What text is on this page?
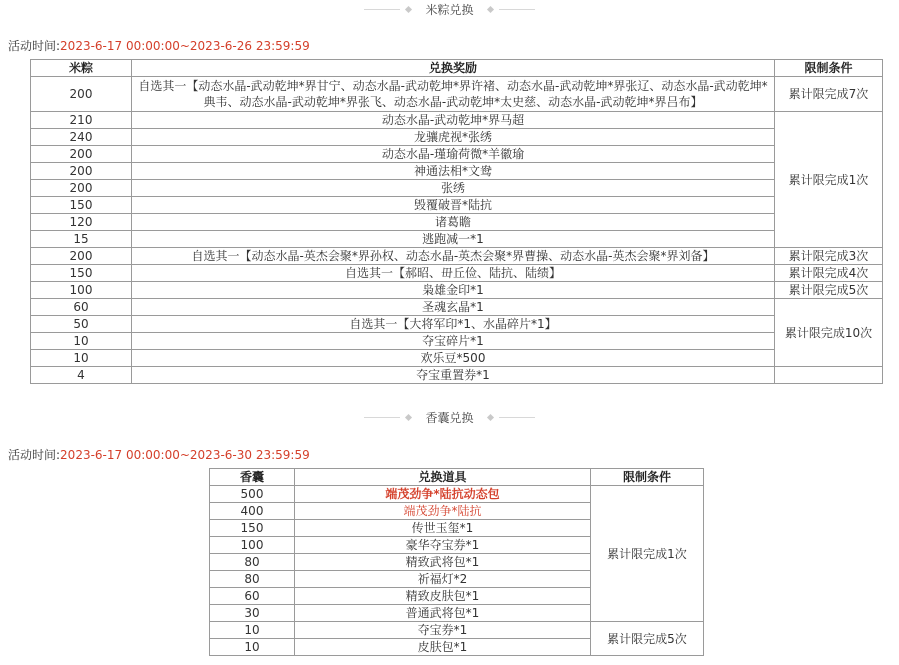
米粽兑换
活动时间:2023-6-17 00:00:00~2023-6-26 23:59:59
米粽	兑换奖励	限制条件
200	自选其一【动态水晶-武动乾坤*界甘宁、动态水晶-武动乾坤*界许褚、动态水晶-武动乾坤*界张辽、动态水晶-武动乾坤*典韦、动态水晶-武动乾坤*界张飞、动态水晶-武动乾坤*太史慈、动态水晶-武动乾坤*界吕布】	累计限完成7次
210	动态水晶-武动乾坤*界马超	累计限完成1次
240	龙骧虎视*张绣	
200	动态水晶-瑾瑜荷微*羊徽瑜	
200	神通法相*文鸯	
200	张绣	
150	毁覆破晋*陆抗	
120	诸葛瞻	
15	逃跑减一*1	
200	自选其一【动态水晶-英杰会聚*界孙权、动态水晶-英杰会聚*界曹操、动态水晶-英杰会聚*界刘备】	累计限完成3次
150	自选其一【郝昭、毌丘俭、陆抗、陆绩】	累计限完成4次
100	枭雄金印*1	累计限完成5次
60	圣魂玄晶*1	累计限完成10次
50	自选其一【大将军印*1、水晶碎片*1】	
10	夺宝碎片*1	
10	欢乐豆*500	
4	夺宝重置券*1	
香囊兑换
活动时间:2023-6-17 00:00:00~2023-6-30 23:59:59
香囊	兑换道具	限制条件
500	端茂劲争*陆抗动态包	累计限完成1次
400	端茂劲争*陆抗	
150	传世玉玺*1	
100	豪华夺宝券*1	
80	精致武将包*1	
80	祈福灯*2	
60	精致皮肤包*1	
30	普通武将包*1	
10	夺宝券*1	累计限完成5次
10	皮肤包*1	
